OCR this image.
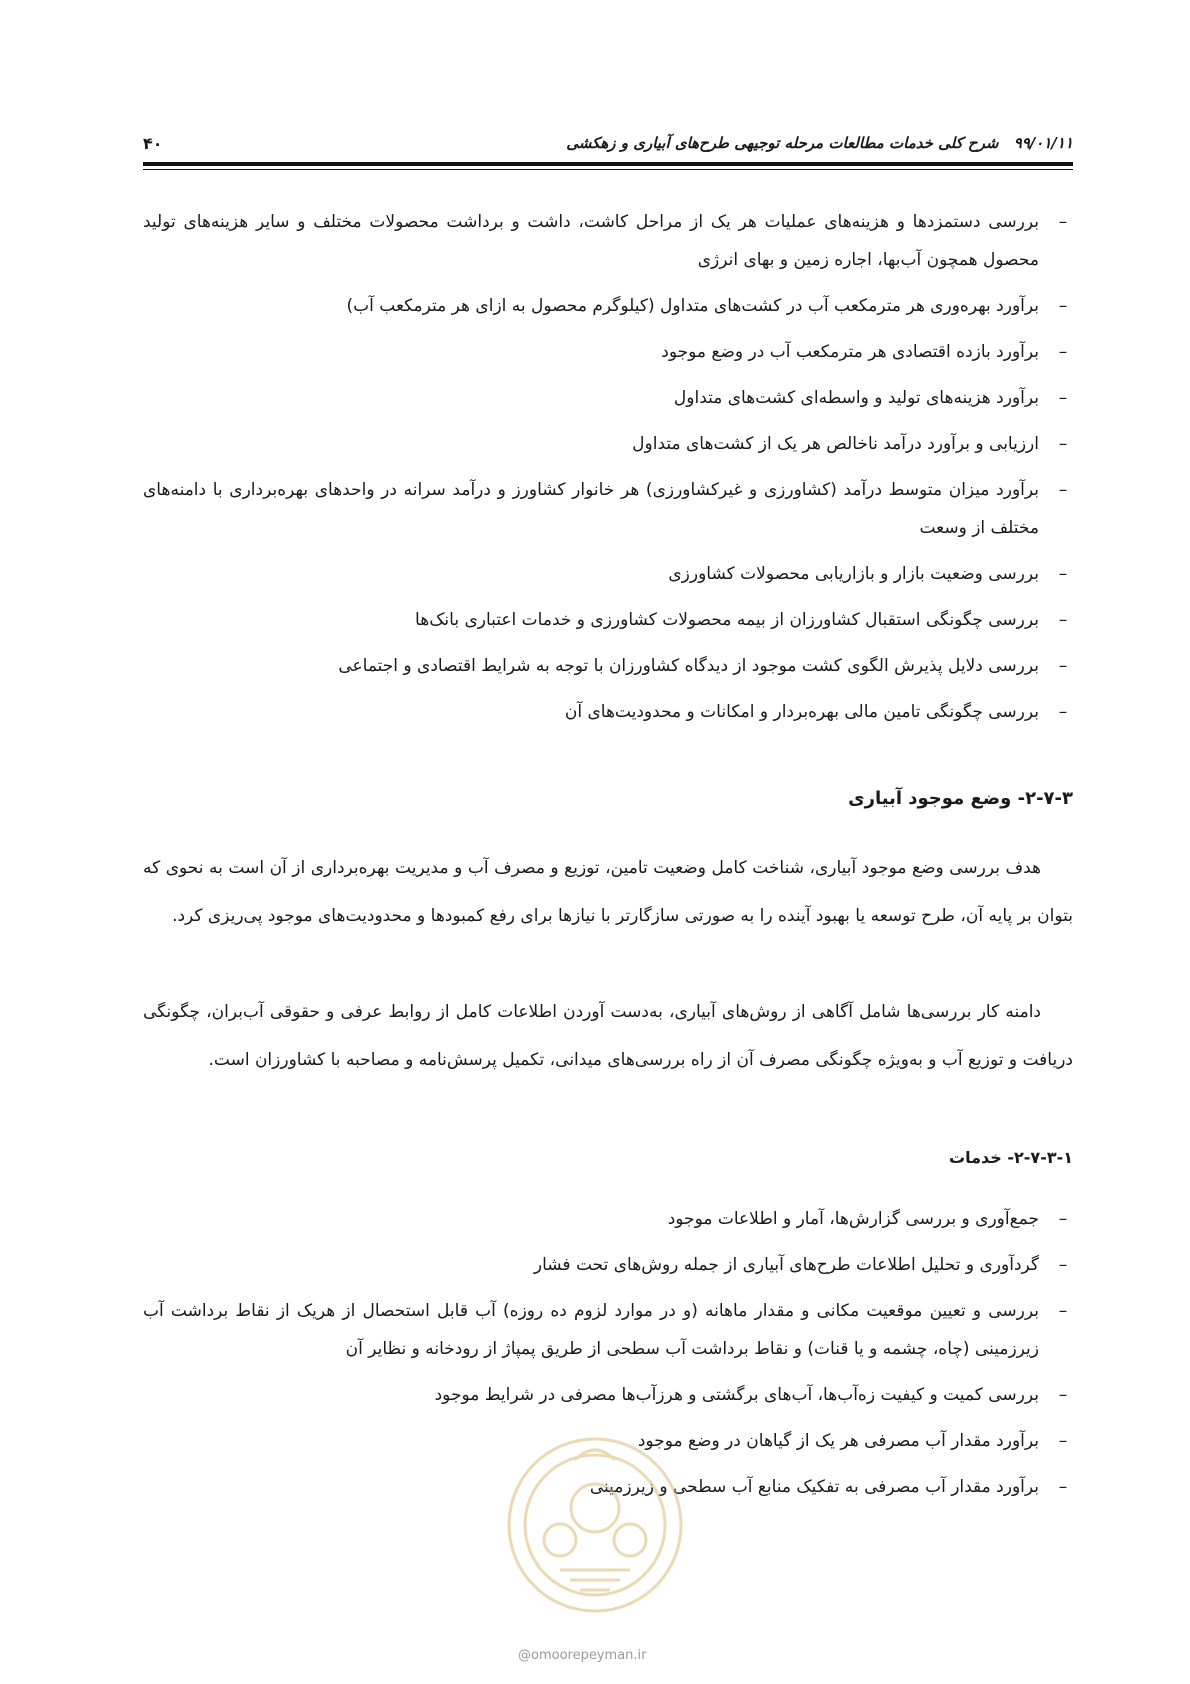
۹۹/۰۱/۱۱ شرح کلی خدمات مطالعات مرحله توجیهی طرح‌های آبیاری و زهکشی
۴۰
–
بررسی دستمزدها و هزینه‌های عملیات هر یک از مراحل کاشت، داشت و برداشت محصولات مختلف و سایر هزینه‌های تولید محصول همچون آب‌بها، اجاره زمین و بهای انرژی
–
برآورد بهره‌وری هر مترمکعب آب در کشت‌های متداول (کیلوگرم محصول به ازای هر مترمکعب آب)
–
برآورد بازده اقتصادی هر مترمکعب آب در وضع موجود
–
برآورد هزینه‌های تولید و واسطه‌ای کشت‌های متداول
–
ارزیابی و برآورد درآمد ناخالص هر یک از کشت‌های متداول
–
برآورد میزان متوسط درآمد (کشاورزی و غیرکشاورزی) هر خانوار کشاورز و درآمد سرانه در واحدهای بهره‌برداری با دامنه‌های مختلف از وسعت
–
بررسی وضعیت بازار و بازاریابی محصولات کشاورزی
–
بررسی چگونگی استقبال کشاورزان از بیمه محصولات کشاورزی و خدمات اعتباری بانک‌ها
–
بررسی دلایل پذیرش الگوی کشت موجود از دیدگاه کشاورزان با توجه به شرایط اقتصادی و اجتماعی
–
بررسی چگونگی تامین مالی بهره‌بردار و امکانات و محدودیت‌های آن
۲-۷-۳- وضع موجود آبیاری

هدف بررسی وضع موجود آبیاری، شناخت کامل وضعیت تامین، توزیع و مصرف آب و مدیریت بهره‌برداری از آن است به نحوی که بتوان بر پایه آن، طرح توسعه یا بهبود آینده را به صورتی سازگارتر با نیازها برای رفع کمبودها و محدودیت‌های موجود پی‌ریزی کرد.

دامنه کار بررسی‌ها شامل آگاهی از روش‌های آبیاری، به‌دست آوردن اطلاعات کامل از روابط عرفی و حقوقی آب‌بران، چگونگی دریافت و توزیع آب و به‌ویژه چگونگی مصرف آن از راه بررسی‌های میدانی، تکمیل پرسش‌نامه و مصاحبه با کشاورزان است.

۲-۷-۳-۱- خدمات
–
جمع‌آوری و بررسی گزارش‌ها، آمار و اطلاعات موجود
–
گردآوری و تحلیل اطلاعات طرح‌های آبیاری از جمله روش‌های تحت فشار
–
بررسی و تعیین موقعیت مکانی و مقدار ماهانه (و در موارد لزوم ده روزه) آب قابل استحصال از هریک از نقاط برداشت آب زیرزمینی (چاه، چشمه و یا قنات) و نقاط برداشت آب سطحی از طریق پمپاژ از رودخانه و نظایر آن
–
بررسی کمیت و کیفیت زه‌آب‌ها، آب‌های برگشتی و هرزآب‌ها مصرفی در شرایط موجود
–
برآورد مقدار آب مصرفی هر یک از گیاهان در وضع موجود
–
برآورد مقدار آب مصرفی به تفکیک منابع آب سطحی و زیرزمینی
@omoorepeyman.ir
